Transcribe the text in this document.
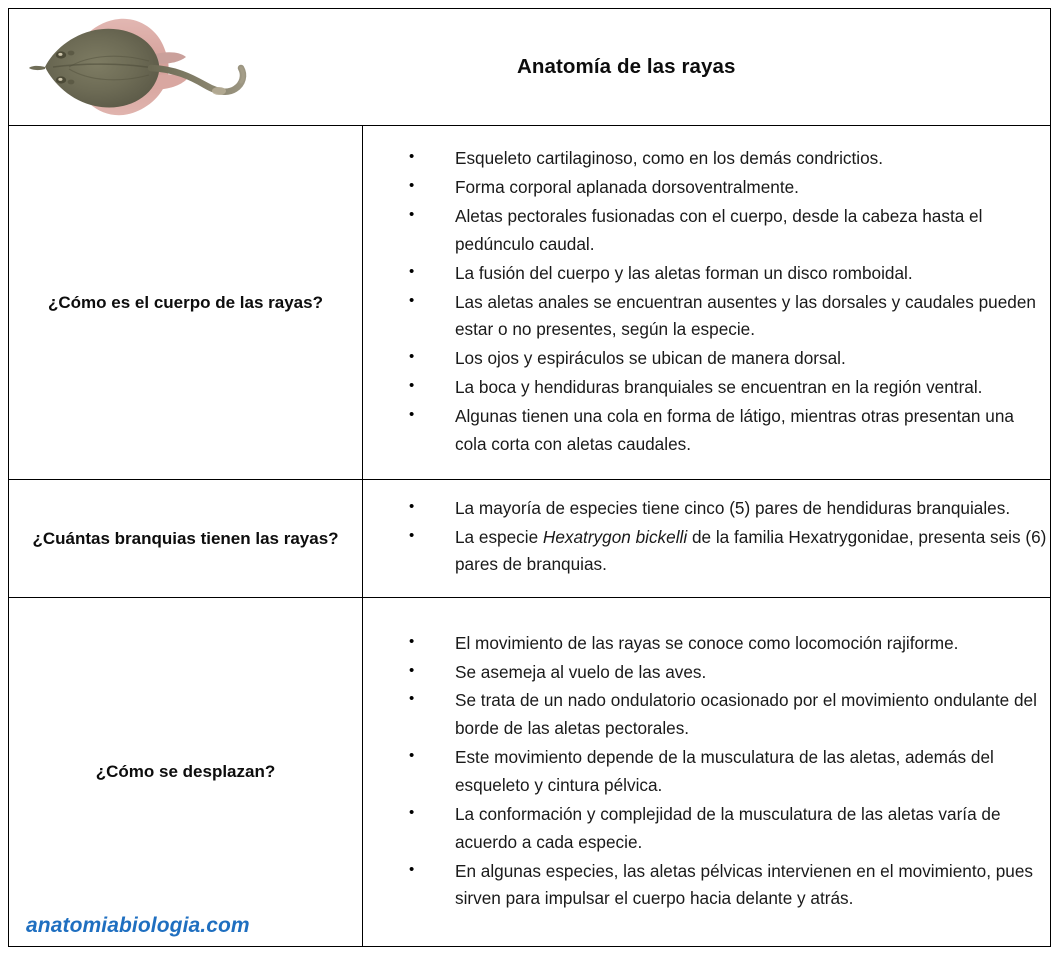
Anatomía de las rayas

¿Cómo es el cuerpo de las rayas?

• Esqueleto cartilaginoso, como en los demás condrictios.
• Forma corporal aplanada dorsoventralmente.
• Aletas pectorales fusionadas con el cuerpo, desde la cabeza hasta el pedúnculo caudal.
• La fusión del cuerpo y las aletas forman un disco romboidal.
• Las aletas anales se encuentran ausentes y las dorsales y caudales pueden estar o no presentes, según la especie.
• Los ojos y espiráculos se ubican de manera dorsal.
• La boca y hendiduras branquiales se encuentran en la región ventral.
• Algunas tienen una cola en forma de látigo, mientras otras presentan una cola corta con aletas caudales.

¿Cuántas branquias tienen las rayas?

• La mayoría de especies tiene cinco (5) pares de hendiduras branquiales.
• La especie Hexatrygon bickelli de la familia Hexatrygonidae, presenta seis (6) pares de branquias.

¿Cómo se desplazan?

• El movimiento de las rayas se conoce como locomoción rajiforme.
• Se asemeja al vuelo de las aves.
• Se trata de un nado ondulatorio ocasionado por el movimiento ondulante del borde de las aletas pectorales.
• Este movimiento depende de la musculatura de las aletas, además del esqueleto y cintura pélvica.
• La conformación y complejidad de la musculatura de las aletas varía de acuerdo a cada especie.
• En algunas especies, las aletas pélvicas intervienen en el movimiento, pues sirven para impulsar el cuerpo hacia delante y atrás.
anatomiabiologia.com
